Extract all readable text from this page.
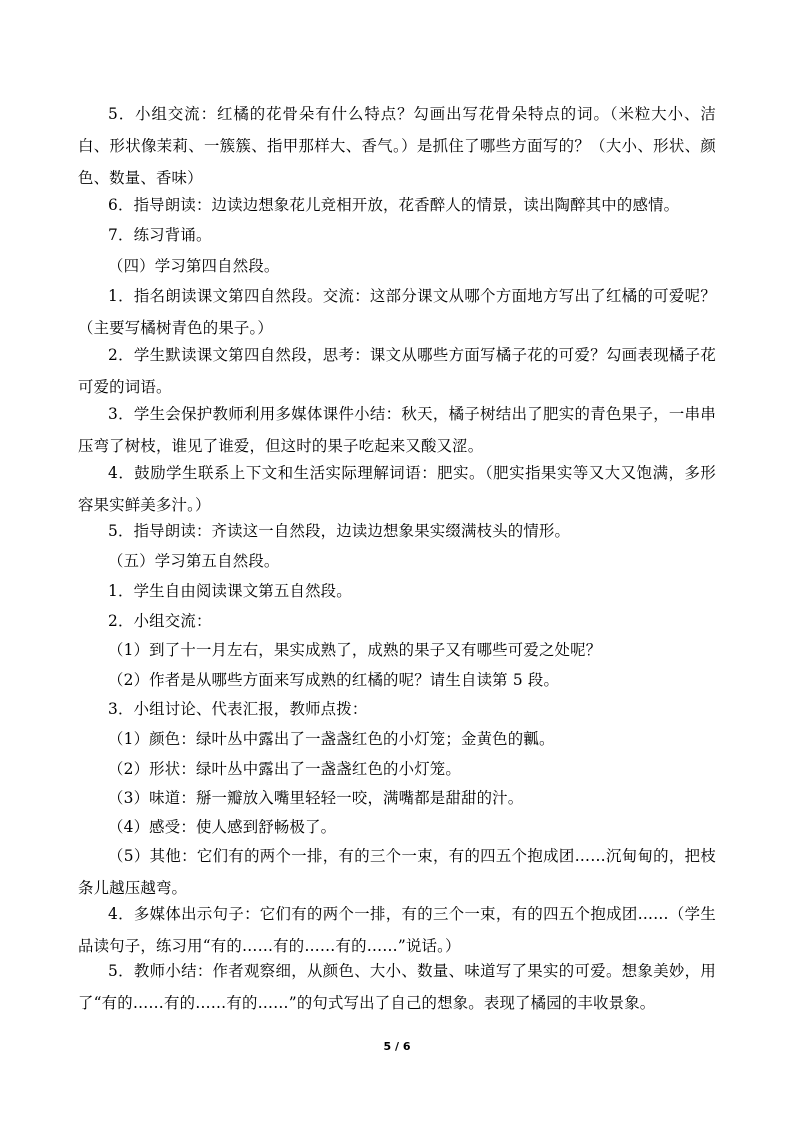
5．小组交流：红橘的花骨朵有什么特点？勾画出写花骨朵特点的词。（米粒大小、洁白、形状像茉莉、一簇簇、指甲那样大、香气。）是抓住了哪些方面写的？（大小、形状、颜色、数量、香味）
6．指导朗读：边读边想象花儿竞相开放，花香醉人的情景，读出陶醉其中的感情。
7．练习背诵。
（四）学习第四自然段。
1．指名朗读课文第四自然段。交流：这部分课文从哪个方面地方写出了红橘的可爱呢？（主要写橘树青色的果子。）
2．学生默读课文第四自然段，思考：课文从哪些方面写橘子花的可爱？勾画表现橘子花可爱的词语。
3．学生会保护教师利用多媒体课件小结：秋天，橘子树结出了肥实的青色果子，一串串压弯了树枝，谁见了谁爱，但这时的果子吃起来又酸又涩。
4．鼓励学生联系上下文和生活实际理解词语：肥实。（肥实指果实等又大又饱满，多形容果实鲜美多汁。）
5．指导朗读：齐读这一自然段，边读边想象果实缀满枝头的情形。
（五）学习第五自然段。
1．学生自由阅读课文第五自然段。
2．小组交流：
（1）到了十一月左右，果实成熟了，成熟的果子又有哪些可爱之处呢？
（2）作者是从哪些方面来写成熟的红橘的呢？请生自读第 5 段。
3．小组讨论、代表汇报，教师点拨：
（1）颜色：绿叶丛中露出了一盏盏红色的小灯笼；金黄色的瓤。
（2）形状：绿叶丛中露出了一盏盏红色的小灯笼。
（3）味道：掰一瓣放入嘴里轻轻一咬，满嘴都是甜甜的汁。
（4）感受：使人感到舒畅极了。
（5）其他：它们有的两个一排，有的三个一束，有的四五个抱成团……沉甸甸的，把枝条儿越压越弯。
4．多媒体出示句子：它们有的两个一排，有的三个一束，有的四五个抱成团……（学生品读句子，练习用“有的……有的……有的……”说话。）
5．教师小结：作者观察细，从颜色、大小、数量、味道写了果实的可爱。想象美妙，用了“有的……有的……有的……”的句式写出了自己的想象。表现了橘园的丰收景象。
5 / 6
